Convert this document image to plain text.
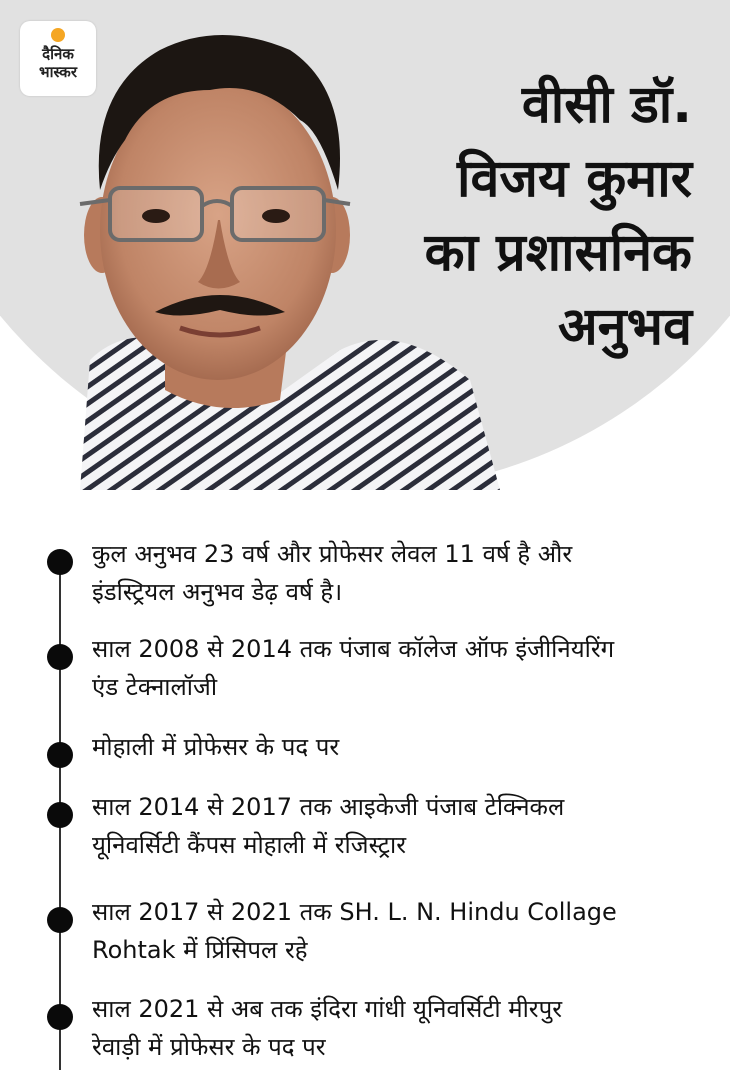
दैनिक
भास्कर
वीसी डॉ.
विजय कुमार
का प्रशासनिक
अनुभव
कुल अनुभव 23 वर्ष और प्रोफेसर लेवल 11 वर्ष है और
इंडस्ट्रियल अनुभव डेढ़ वर्ष है।
साल 2008 से 2014 तक पंजाब कॉलेज ऑफ इंजीनियरिंग
एंड टेक्नालॉजी
मोहाली में प्रोफेसर के पद पर
साल 2014 से 2017 तक आइकेजी पंजाब टेक्निकल
यूनिवर्सिटी कैंपस मोहाली में रजिस्ट्रार
साल 2017 से 2021 तक SH. L. N. Hindu Collage
Rohtak में प्रिंसिपल रहे
साल 2021 से अब तक इंदिरा गांधी यूनिवर्सिटी मीरपुर
रेवाड़ी में प्रोफेसर के पद पर
